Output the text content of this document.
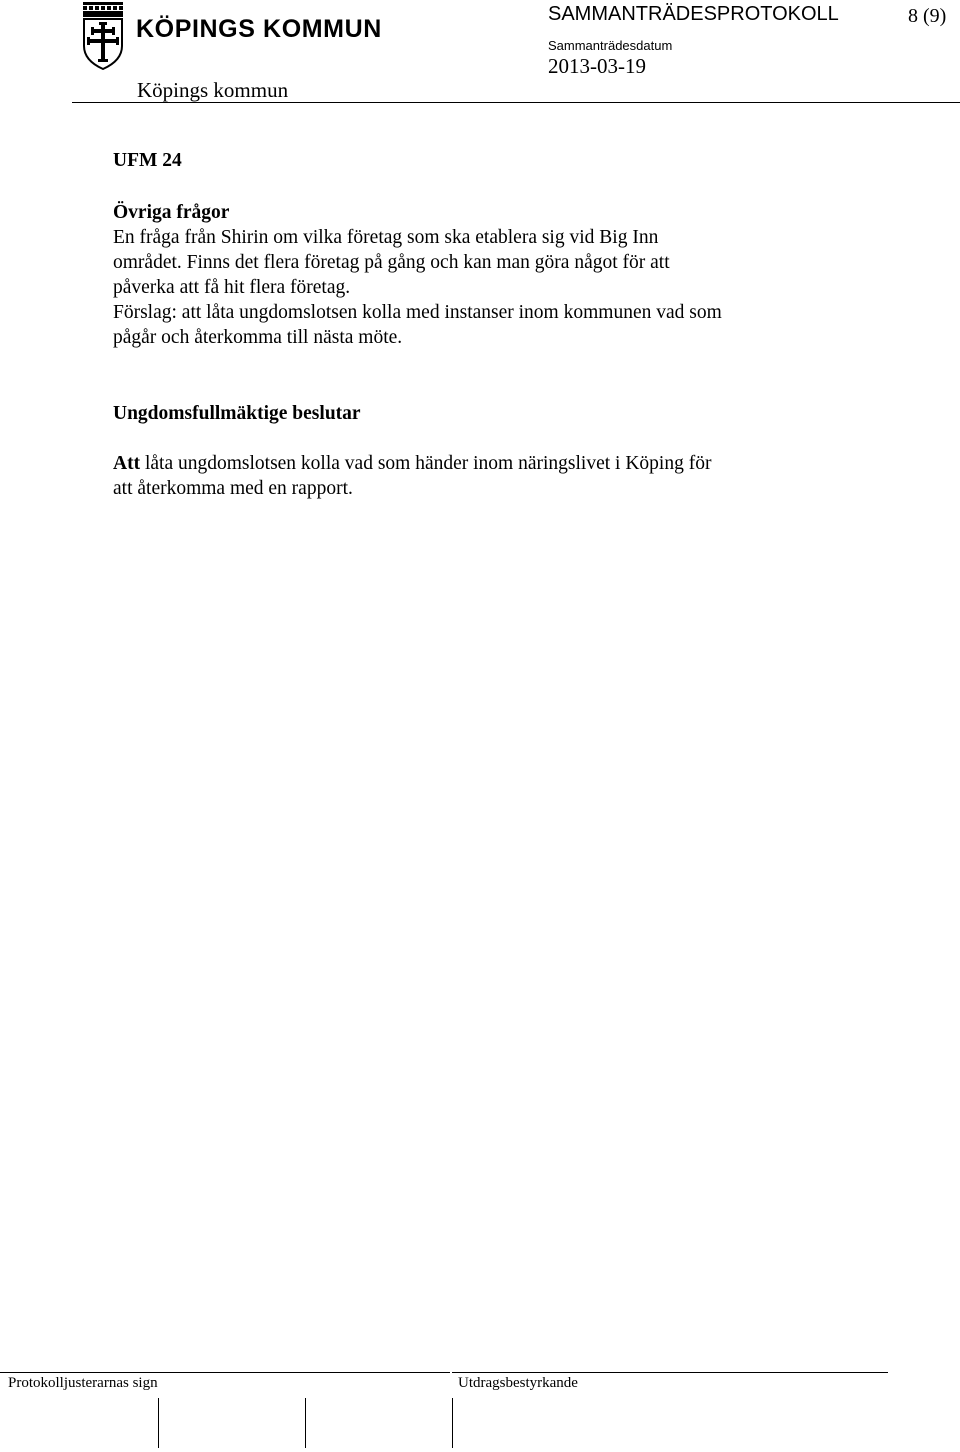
KÖPINGS KOMMUN
Köpings kommun
SAMMANTRÄDESPROTOKOLL	8 (9)
Sammanträdesdatum
2013-03-19
UFM 24
Övriga frågor
En fråga från Shirin om vilka företag som ska etablera sig vid Big Inn
området. Finns det flera företag på gång och kan man göra något för att
påverka att få hit flera företag.
Förslag: att låta ungdomslotsen kolla med instanser inom kommunen vad som
pågår och återkomma till nästa möte.
Ungdomsfullmäktige beslutar
Att låta ungdomslotsen kolla vad som händer inom näringslivet i Köping för
att återkomma med en rapport.
Protokolljusterarnas sign	Utdragsbestyrkande
